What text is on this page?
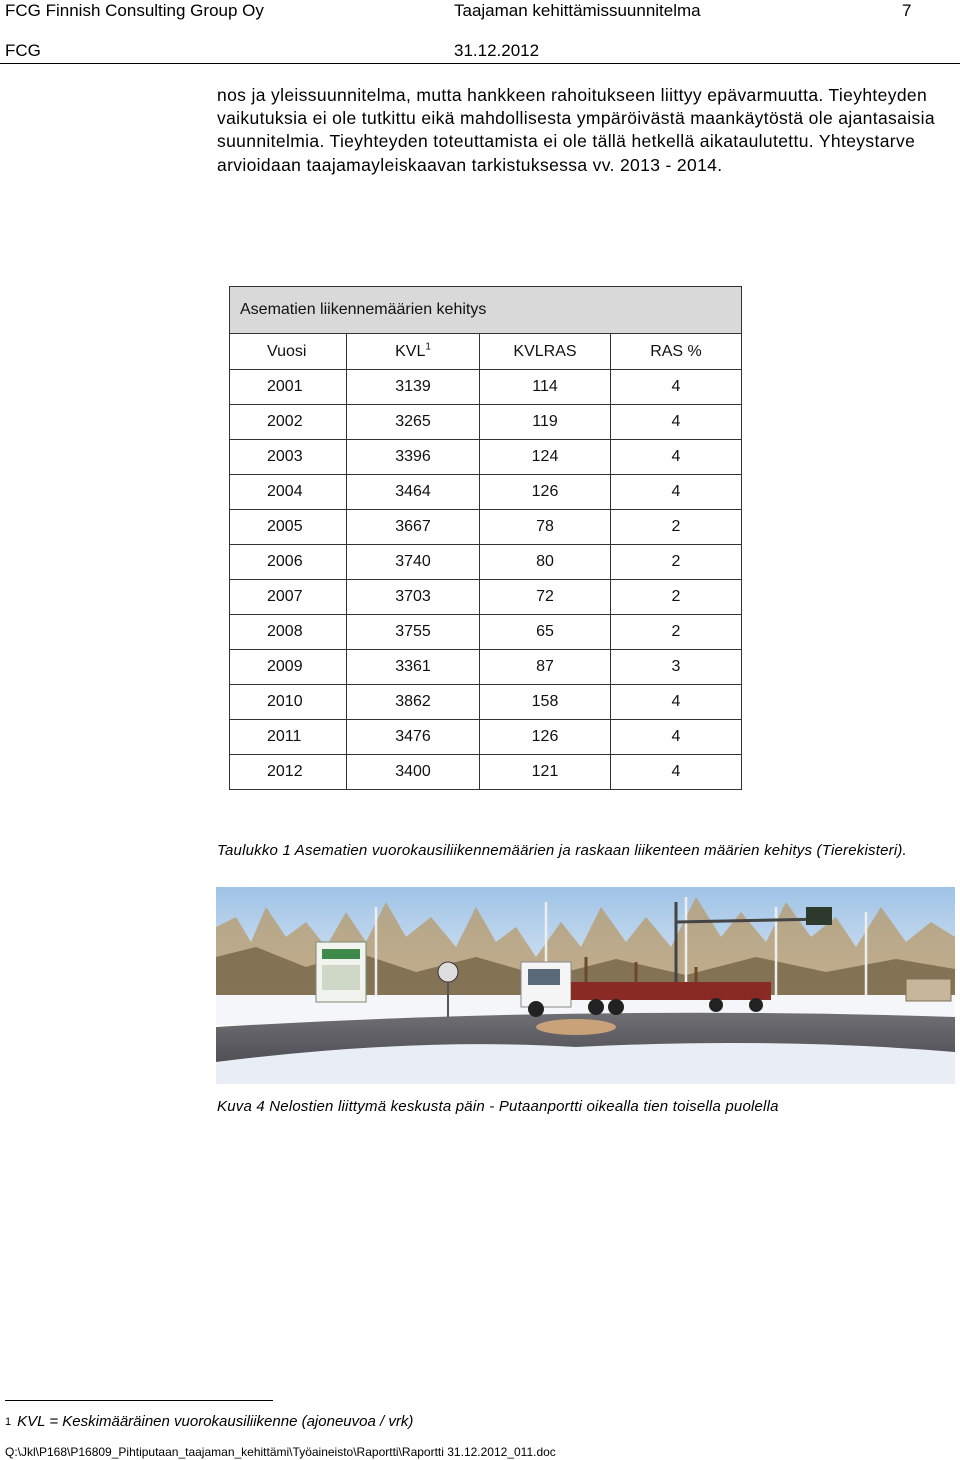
FCG Finnish Consulting Group Oy	Taajaman kehittämissuunnitelma	7
FCG	31.12.2012

nos ja yleissuunnitelma, mutta hankkeen rahoitukseen liittyy epävarmuutta. Tieyhteyden vaikutuksia ei ole tutkittu eikä mahdollisesta ympäröivästä maankäytöstä ole ajantasaisia suunnitelmia. Tieyhteyden toteuttamista ei ole tällä hetkellä aikataulutettu. Yhteystarve arvioidaan taajamayleiskaavan tarkistuksessa vv. 2013 - 2014.

Asematien liikennemäärien kehitys			
Vuosi	KVL$^1$	KVLRAS	RAS %
2001	3139	114	4
2002	3265	119	4
2003	3396	124	4
2004	3464	126	4
2005	3667	78	2
2006	3740	80	2
2007	3703	72	2
2008	3755	65	2
2009	3361	87	3
2010	3862	158	4
2011	3476	126	4
2012	3400	121	4

Taulukko 1 Asematien vuorokausiliikennemäärien ja raskaan liikenteen määrien kehitys (Tierekisteri).

Kuva 4 Nelostien liittymä keskusta päin - Putaanportti oikealla tien toisella puolella

$^1$ KVL = Keskimääräinen vuorokausiliikenne (ajoneuvoa / vrk)
Q:\Jkl\P168\P16809_Pihtiputaan_taajaman_kehittämi\Työaineisto\Raportti\Raportti 31.12.2012_011.doc
